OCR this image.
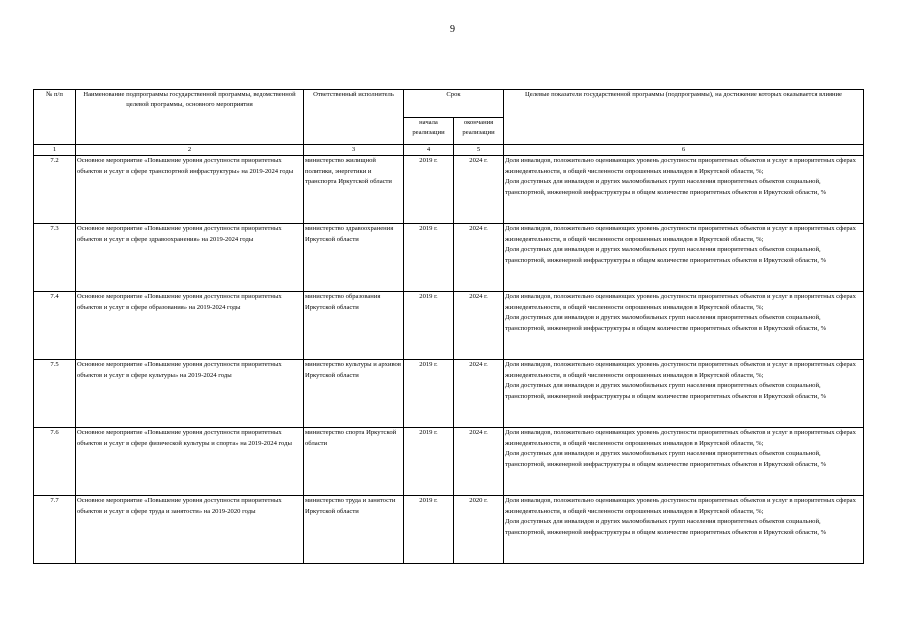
9
№ п/п	Наименование подпрограммы государственной программы, ведомственной целевой программы, основного мероприятия	Ответственный исполнитель	Срок		Целевые показатели государственной программы (подпрограммы), на достижение которых оказывается влияние
			начала реализации	окончания реализации	
1	2	3	4	5	6
7.2	Основное мероприятие «Повышение уровня доступности приоритетных объектов и услуг в сфере транспортной инфраструктуры» на 2019-2024 годы	министерство жилищной политики, энергетики и транспорта Иркутской области	2019 г.	2024 г.	Доля инвалидов, положительно оценивающих уровень доступности приоритетных объектов и услуг в приоритетных сферах жизнедеятельности, в общей численности опрошенных инвалидов в Иркутской области, %;
Доля доступных для инвалидов и других маломобильных групп населения приоритетных объектов социальной, транспортной, инженерной инфраструктуры в общем количестве приоритетных объектов в Иркутской области, %

7.3	Основное мероприятие «Повышение уровня доступности приоритетных объектов и услуг в сфере здравоохранения» на 2019-2024 годы	министерство здравоохранения Иркутской области	2019 г.	2024 г.	Доля инвалидов, положительно оценивающих уровень доступности приоритетных объектов и услуг в приоритетных сферах жизнедеятельности, в общей численности опрошенных инвалидов в Иркутской области, %;
Доля доступных для инвалидов и других маломобильных групп населения приоритетных объектов социальной, транспортной, инженерной инфраструктуры в общем количестве приоритетных объектов в Иркутской области, %

7.4	Основное мероприятие «Повышение уровня доступности приоритетных объектов и услуг в сфере образования» на 2019-2024 годы	министерство образования Иркутской области	2019 г.	2024 г.	Доля инвалидов, положительно оценивающих уровень доступности приоритетных объектов и услуг в приоритетных сферах жизнедеятельности, в общей численности опрошенных инвалидов в Иркутской области, %;
Доля доступных для инвалидов и других маломобильных групп населения приоритетных объектов социальной, транспортной, инженерной инфраструктуры в общем количестве приоритетных объектов в Иркутской области, %

7.5	Основное мероприятие «Повышение уровня доступности приоритетных объектов и услуг в сфере культуры» на 2019-2024 годы	министерство культуры и архивов Иркутской области	2019 г.	2024 г.	Доля инвалидов, положительно оценивающих уровень доступности приоритетных объектов и услуг в приоритетных сферах жизнедеятельности, в общей численности опрошенных инвалидов в Иркутской области, %;
Доля доступных для инвалидов и других маломобильных групп населения приоритетных объектов социальной, транспортной, инженерной инфраструктуры в общем количестве приоритетных объектов в Иркутской области, %

7.6	Основное мероприятие «Повышение уровня доступности приоритетных объектов и услуг в сфере физической культуры и спорта» на 2019-2024 годы	министерство спорта Иркутской области	2019 г.	2024 г.	Доля инвалидов, положительно оценивающих уровень доступности приоритетных объектов и услуг в приоритетных сферах жизнедеятельности, в общей численности опрошенных инвалидов в Иркутской области, %;
Доля доступных для инвалидов и других маломобильных групп населения приоритетных объектов социальной, транспортной, инженерной инфраструктуры в общем количестве приоритетных объектов в Иркутской области, %

7.7	Основное мероприятие «Повышение уровня доступности приоритетных объектов и услуг в сфере труда и занятости» на 2019-2020 годы	министерство труда и занятости Иркутской области	2019 г.	2020 г.	Доля инвалидов, положительно оценивающих уровень доступности приоритетных объектов и услуг в приоритетных сферах жизнедеятельности, в общей численности опрошенных инвалидов в Иркутской области, %;
Доля доступных для инвалидов и других маломобильных групп населения приоритетных объектов социальной, транспортной, инженерной инфраструктуры в общем количестве приоритетных объектов в Иркутской области, %
